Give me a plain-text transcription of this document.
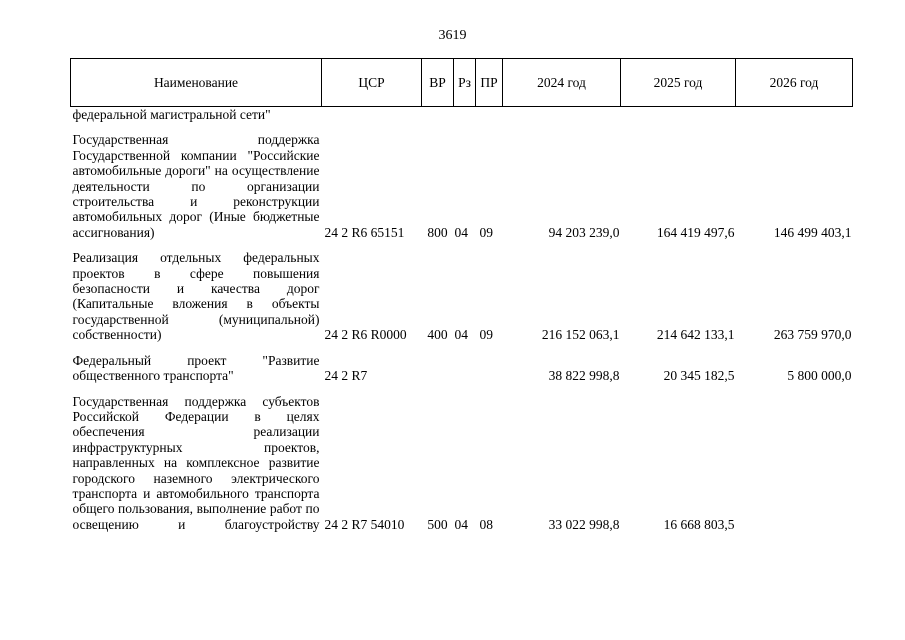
3619
Наименование	ЦСР	ВР	Рз	ПР	2024 год	2025 год	2026 год
федеральной магистральной сети"							
Государственная поддержка Государственной компании "Российские автомобильные дороги" на осуществление деятельности по организации строительства и реконструкции автомобильных дорог (Иные бюджетные ассигнования)	24 2 R6 65151	800	04	09	94 203 239,0	164 419 497,6	146 499 403,1
Реализация отдельных федеральных проектов в сфере повышения безопасности и качества дорог (Капитальные вложения в объекты государственной (муниципальной) собственности)	24 2 R6 R0000	400	04	09	216 152 063,1	214 642 133,1	263 759 970,0
Федеральный проект "Развитие общественного транспорта"	24 2 R7				38 822 998,8	20 345 182,5	5 800 000,0
Государственная поддержка субъектов Российской Федерации в целях обеспечения реализации инфраструктурных проектов, направленных на комплексное развитие городского наземного электрического транспорта и автомобильного транспорта общего пользования, выполнение работ по освещению и благоустройству	24 2 R7 54010	500	04	08	33 022 998,8	16 668 803,5	
